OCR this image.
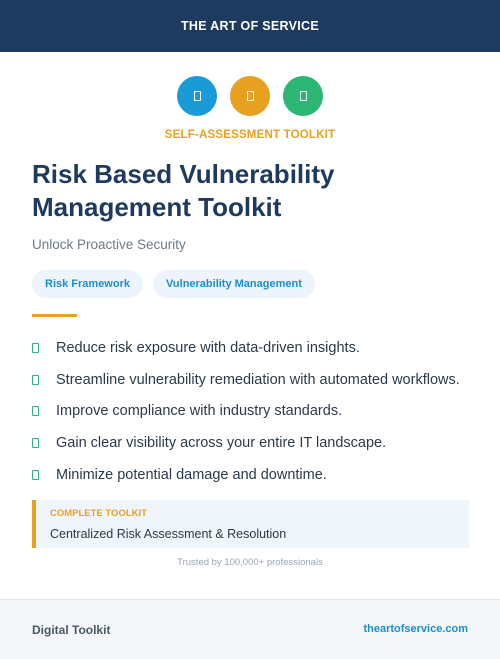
THE ART OF SERVICE
SELF-ASSESSMENT TOOLKIT
Risk Based Vulnerability Management Toolkit
Unlock Proactive Security
Risk Framework	Vulnerability Management
Reduce risk exposure with data-driven insights.
Streamline vulnerability remediation with automated workflows.
Improve compliance with industry standards.
Gain clear visibility across your entire IT landscape.
Minimize potential damage and downtime.
COMPLETE TOOLKIT
Centralized Risk Assessment & Resolution
Trusted by 100,000+ professionals
Digital Toolkit	theartofservice.com
